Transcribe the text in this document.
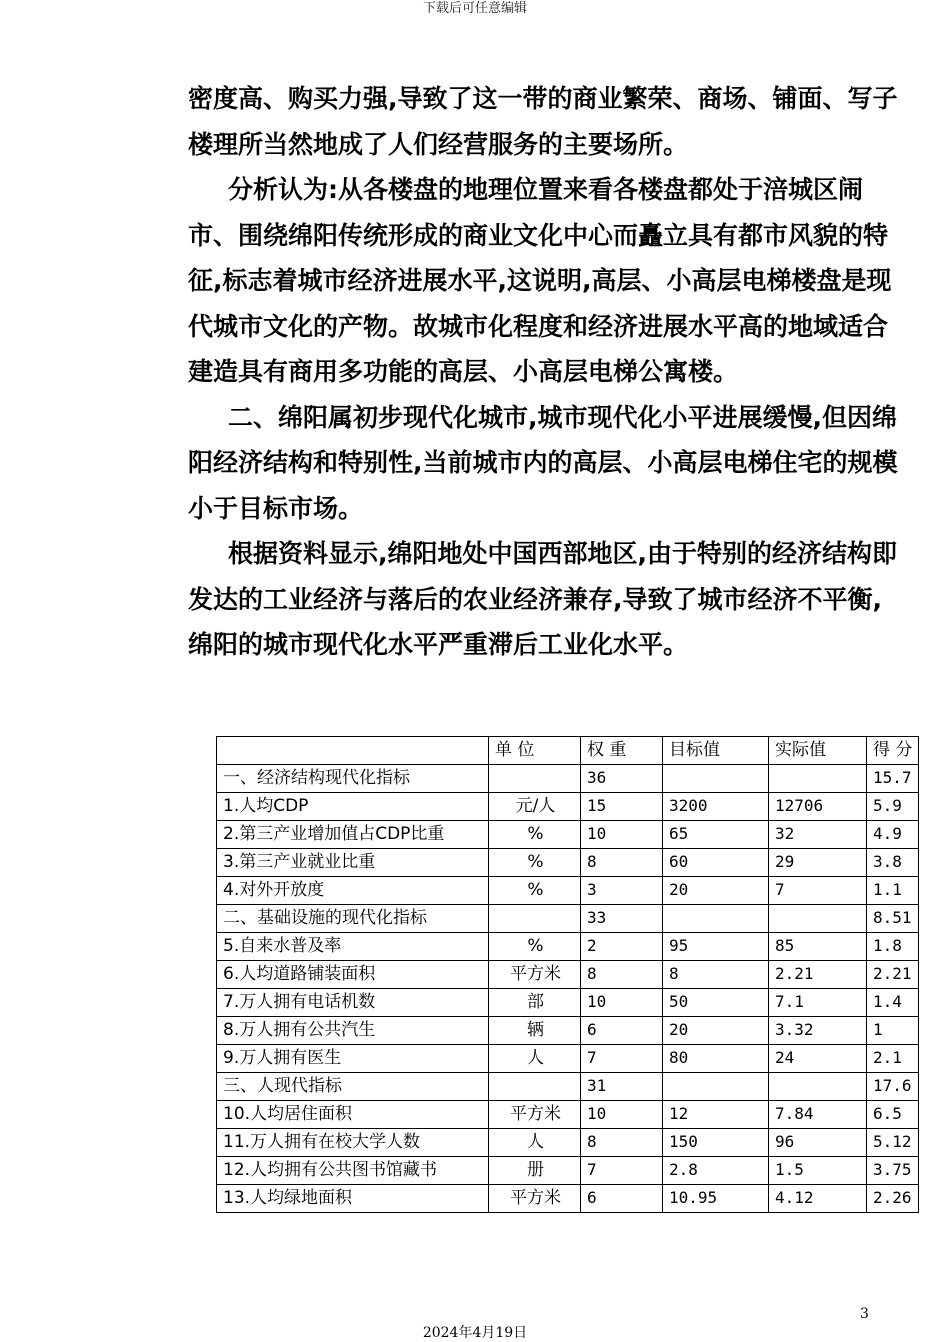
下载后可任意编辑

密度高、购买力强,导致了这一带的商业繁荣、商场、铺面、写子楼理所当然地成了人们经营服务的主要场所。

分析认为:从各楼盘的地理位置来看各楼盘都处于涪城区闹市、围绕绵阳传统形成的商业文化中心而矗立具有都市风貌的特征,标志着城市经济进展水平,这说明,高层、小高层电梯楼盘是现代城市文化的产物。故城市化程度和经济进展水平高的地域适合建造具有商用多功能的高层、小高层电梯公寓楼。

二、绵阳属初步现代化城市,城市现代化小平进展缓慢,但因绵阳经济结构和特别性,当前城市内的高层、小高层电梯住宅的规模小于目标市场。

根据资料显示,绵阳地处中国西部地区,由于特别的经济结构即发达的工业经济与落后的农业经济兼存,导致了城市经济不平衡,绵阳的城市现代化水平严重滞后工业化水平。

	单 位	权 重	目标值	实际值	得 分
一、经济结构现代化指标		36			15.7
1.人均CDP	元/人	15	3200	12706	5.9
2.第三产业增加值占CDP比重	%	10	65	32	4.9
3.第三产业就业比重	%	8	60	29	3.8
4.对外开放度	%	3	20	7	1.1
二、基础设施的现代化指标		33			8.51
5.自来水普及率	%	2	95	85	1.8
6.人均道路铺装面积	平方米	8	8	2.21	2.21
7.万人拥有电话机数	部	10	50	7.1	1.4
8.万人拥有公共汽生	辆	6	20	3.32	1
9.万人拥有医生	人	7	80	24	2.1
三、人现代指标		31			17.6
10.人均居住面积	平方米	10	12	7.84	6.5
11.万人拥有在校大学人数	人	8	150	96	5.12
12.人均拥有公共图书馆藏书	册	7	2.8	1.5	3.75
13.人均绿地面积	平方米	6	10.95	4.12	2.26
3
2024年4月19日
